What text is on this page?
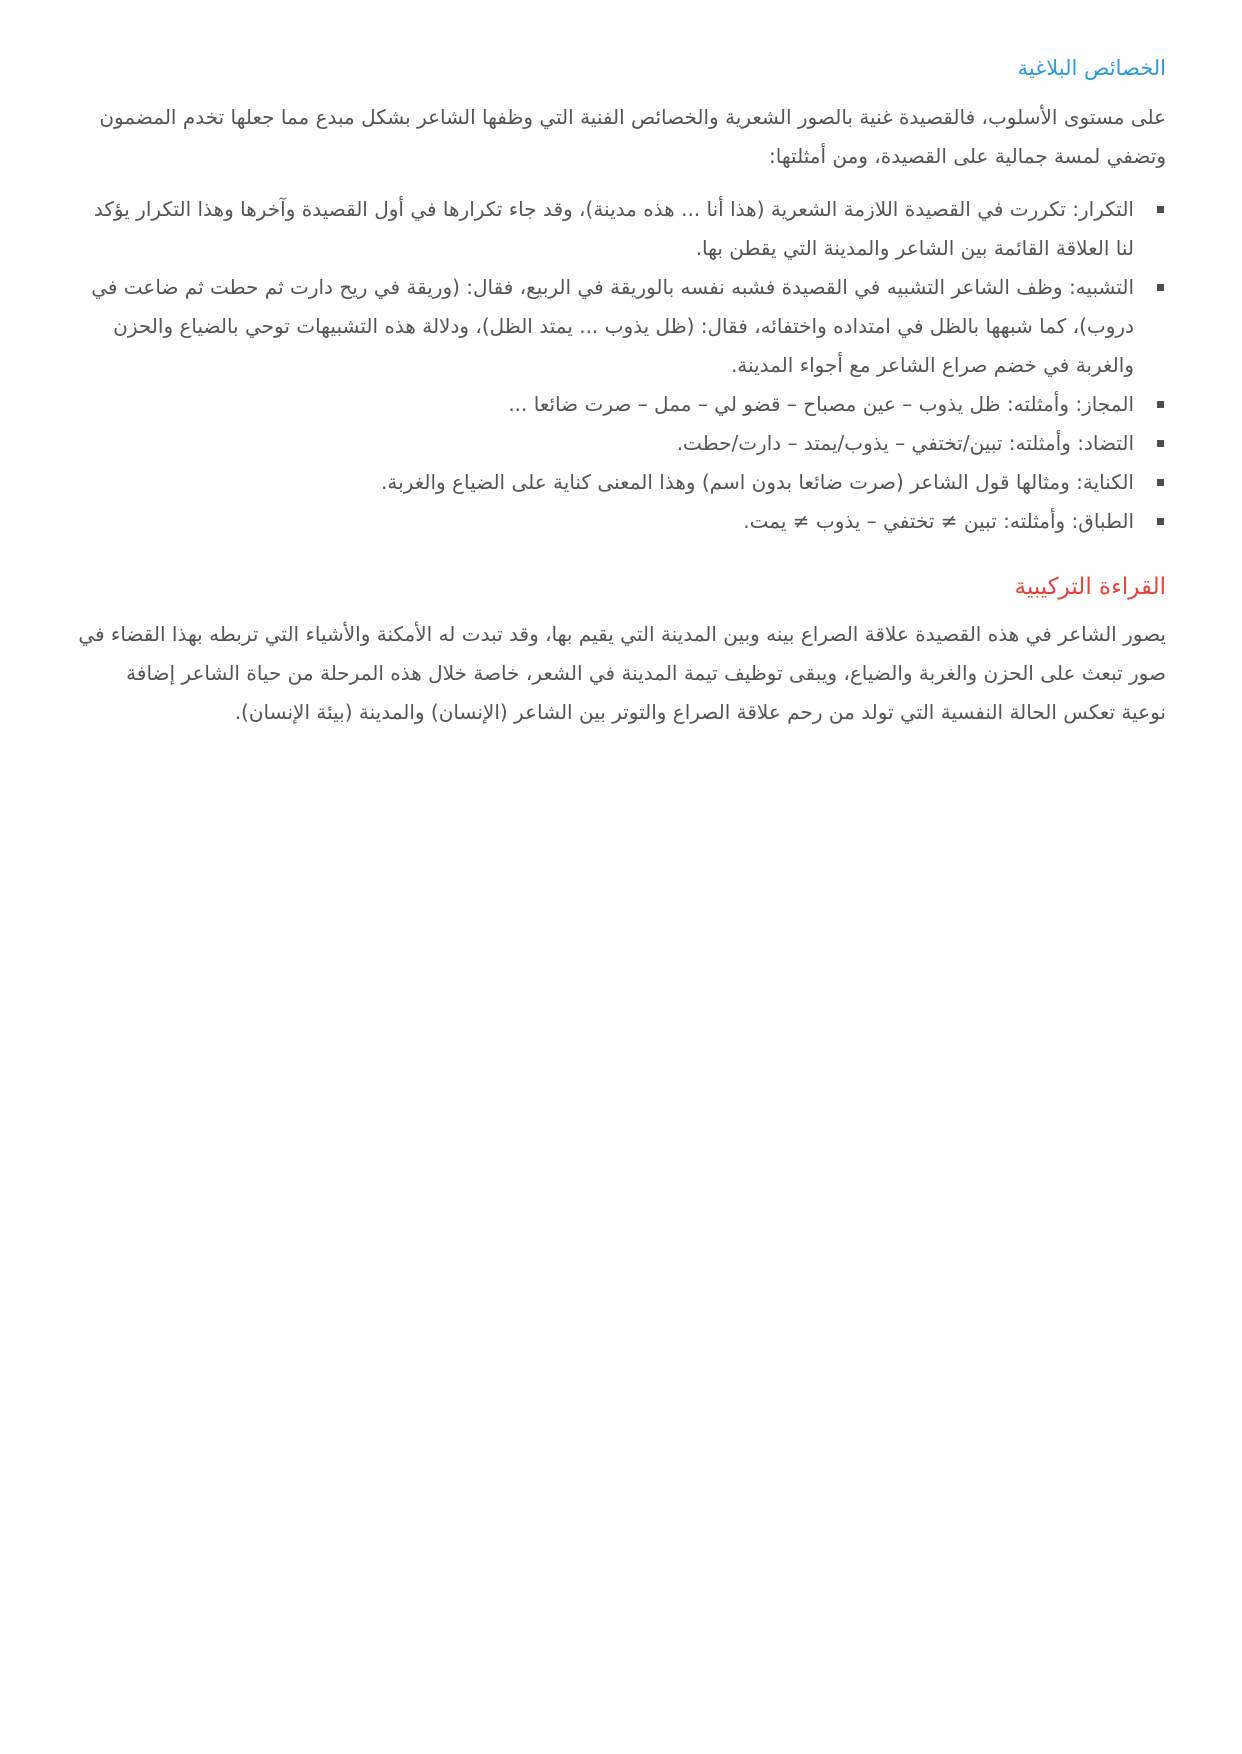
الخصائص البلاغية

على مستوى الأسلوب، فالقصيدة غنية بالصور الشعرية والخصائص الفنية التي وظفها الشاعر بشكل مبدع مما جعلها تخدم المضمون وتضفي لمسة جمالية على القصيدة، ومن أمثلتها:

التكرار: تكررت في القصيدة اللازمة الشعرية (هذا أنا ... هذه مدينة)، وقد جاء تكرارها في أول القصيدة وآخرها وهذا التكرار يؤكد لنا العلاقة القائمة بين الشاعر والمدينة التي يقطن بها.
التشبيه: وظف الشاعر التشبيه في القصيدة فشبه نفسه بالوريقة في الربيع، فقال: (وريقة في ريح دارت ثم حطت ثم ضاعت في دروب)، كما شبهها بالظل في امتداده واختفائه، فقال: (ظل يذوب ... يمتد الظل)، ودلالة هذه التشبيهات توحي بالضياع والحزن والغربة في خضم صراع الشاعر مع أجواء المدينة.
المجاز: وأمثلته: ظل يذوب – عين مصباح – قضو لي – ممل – صرت ضائعا ...
التضاد: وأمثلته: تبين/تختفي – يذوب/يمتد – دارت/حطت.
الكناية: ومثالها قول الشاعر (صرت ضائعا بدون اسم) وهذا المعنى كناية على الضياع والغربة.
الطباق: وأمثلته: تبين ≠ تختفي – يذوب ≠ يمت.
القراءة التركيبية

يصور الشاعر في هذه القصيدة علاقة الصراع بينه وبين المدينة التي يقيم بها، وقد تبدت له الأمكنة والأشياء التي تربطه بهذا القضاء في صور تبعث على الحزن والغربة والضياع، ويبقى توظيف تيمة المدينة في الشعر، خاصة خلال هذه المرحلة من حياة الشاعر إضافة نوعية تعكس الحالة النفسية التي تولد من رحم علاقة الصراع والتوتر بين الشاعر (الإنسان) والمدينة (بيئة الإنسان).
